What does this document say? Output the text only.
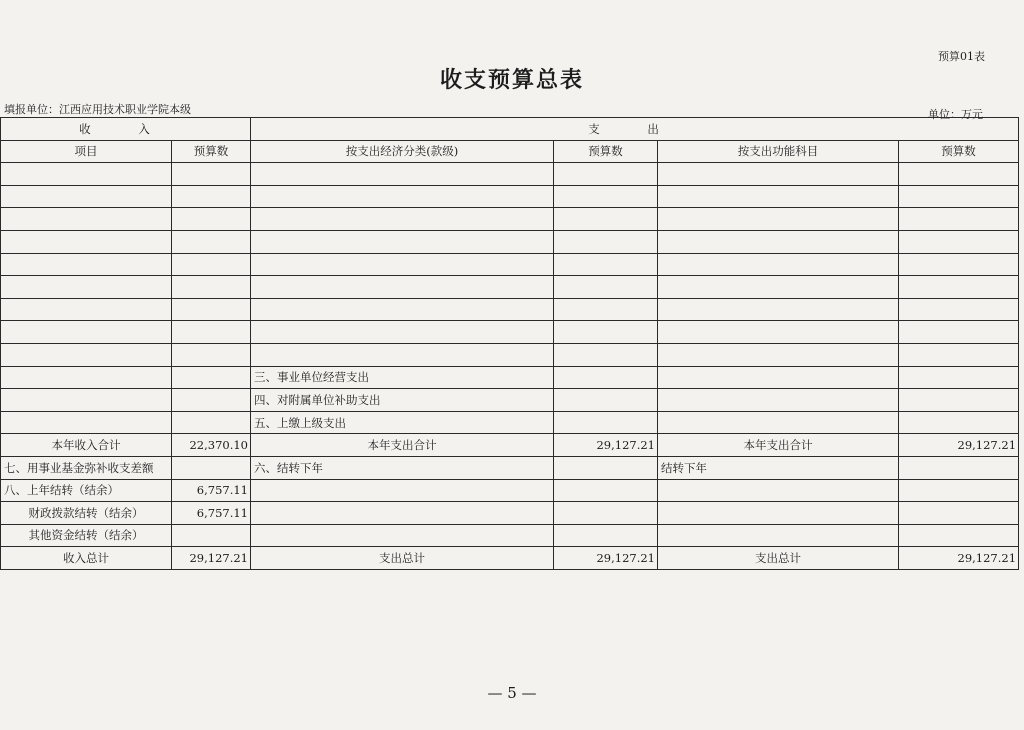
预算01表
收支预算总表
填报单位：江西应用技术职业学院本级	单位：万元
收 入		支 出			
项目	预算数	按支出经济分类(款级)	预算数	按支出功能科目	预算数

		三、事业单位经营支出			
		四、对附属单位补助支出			
		五、上缴上级支出			
本年收入合计	22,370.10	本年支出合计	29,127.21	本年支出合计	29,127.21
七、用事业基金弥补收支差额		六、结转下年		结转下年	
八、上年结转（结余）	6,757.11				
财政拨款结转（结余）	6,757.11				
其他资金结转（结余）					
收入总计	29,127.21	支出总计	29,127.21	支出总计	29,127.21
— 5 —
